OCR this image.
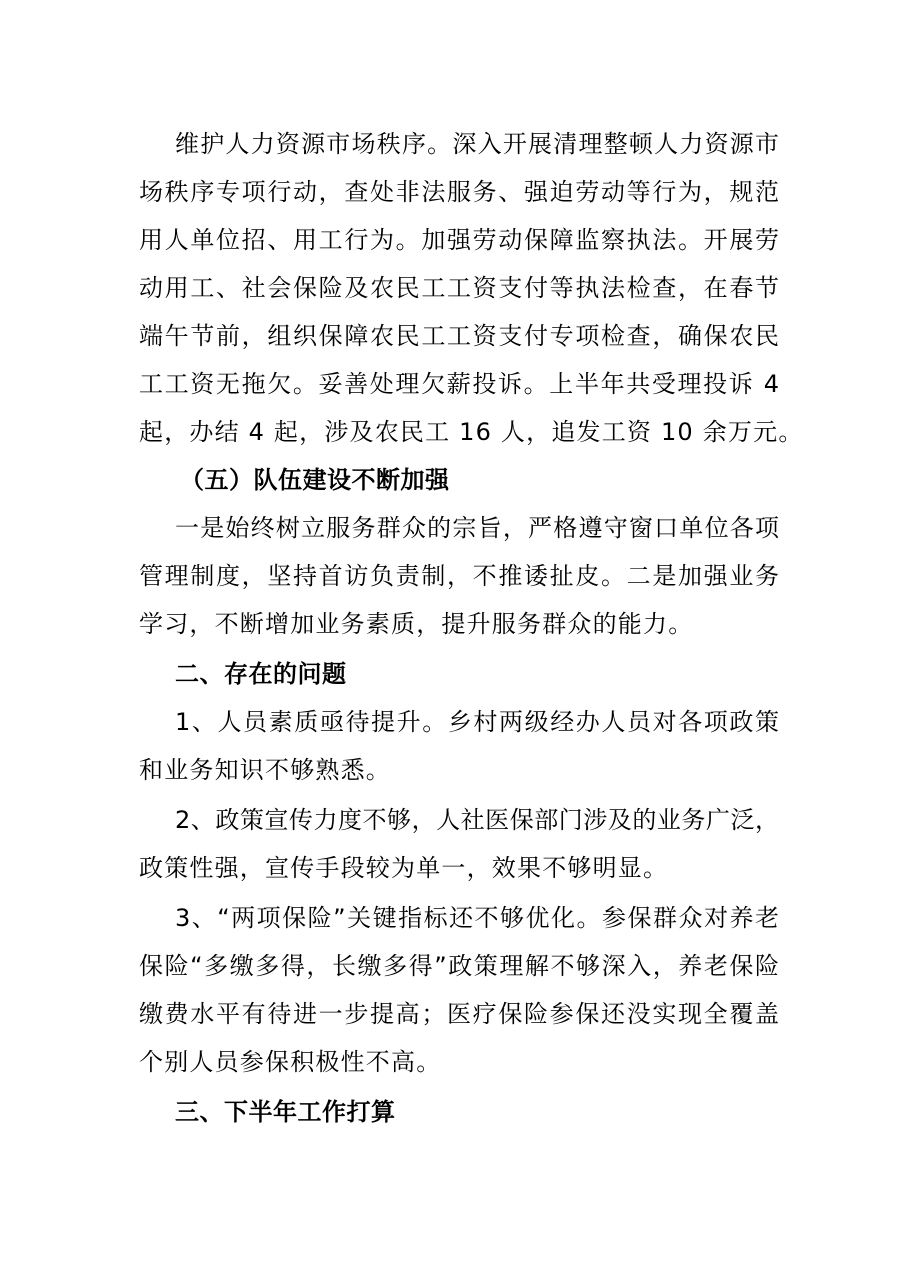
维护人力资源市场秩序。深入开展清理整顿人力资源市
场秩序专项行动，查处非法服务、强迫劳动等行为，规范
用人单位招、用工行为。加强劳动保障监察执法。开展劳
动用工、社会保险及农民工工资支付等执法检查，在春节
端午节前，组织保障农民工工资支付专项检查，确保农民
工工资无拖欠。妥善处理欠薪投诉。上半年共受理投诉 4
起，办结 4 起，涉及农民工 16 人，追发工资 10 余万元。
（五）队伍建设不断加强
一是始终树立服务群众的宗旨，严格遵守窗口单位各项
管理制度，坚持首访负责制，不推诿扯皮。二是加强业务
学习，不断增加业务素质，提升服务群众的能力。
二、存在的问题
1、人员素质亟待提升。乡村两级经办人员对各项政策
和业务知识不够熟悉。
2、政策宣传力度不够，人社医保部门涉及的业务广泛，
政策性强，宣传手段较为单一，效果不够明显。
3、“两项保险”关键指标还不够优化。参保群众对养老
保险“多缴多得，长缴多得”政策理解不够深入，养老保险
缴费水平有待进一步提高；医疗保险参保还没实现全覆盖
个别人员参保积极性不高。
三、下半年工作打算
